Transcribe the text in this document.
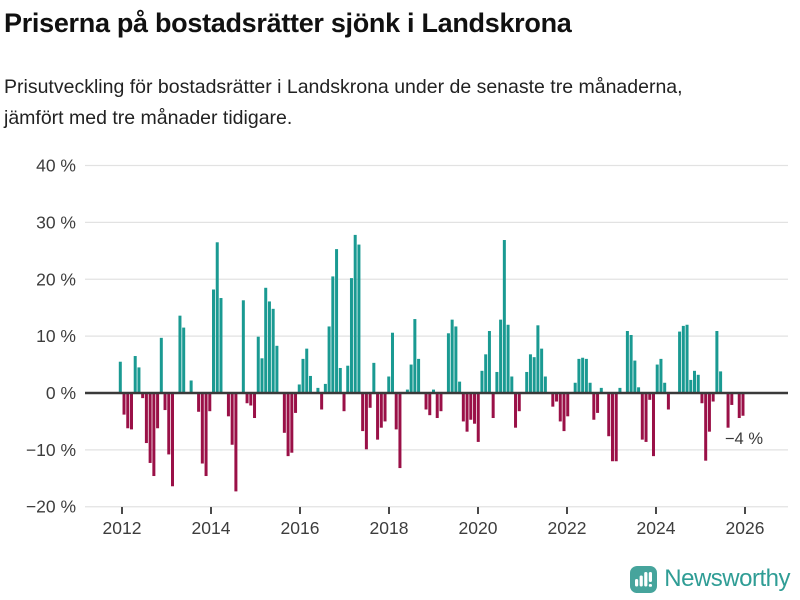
Priserna på bostadsrätter sjönk i Landskrona
Prisutveckling för bostadsrätter i Landskrona under de senaste tre månaderna, jämfört med tre månader tidigare.
40 %
30 %
20 %
10 %
0 %
−10 %
−20 %
2012	2014	2016	2018	2020	2022	2024	2026
−4 %
Newsworthy
